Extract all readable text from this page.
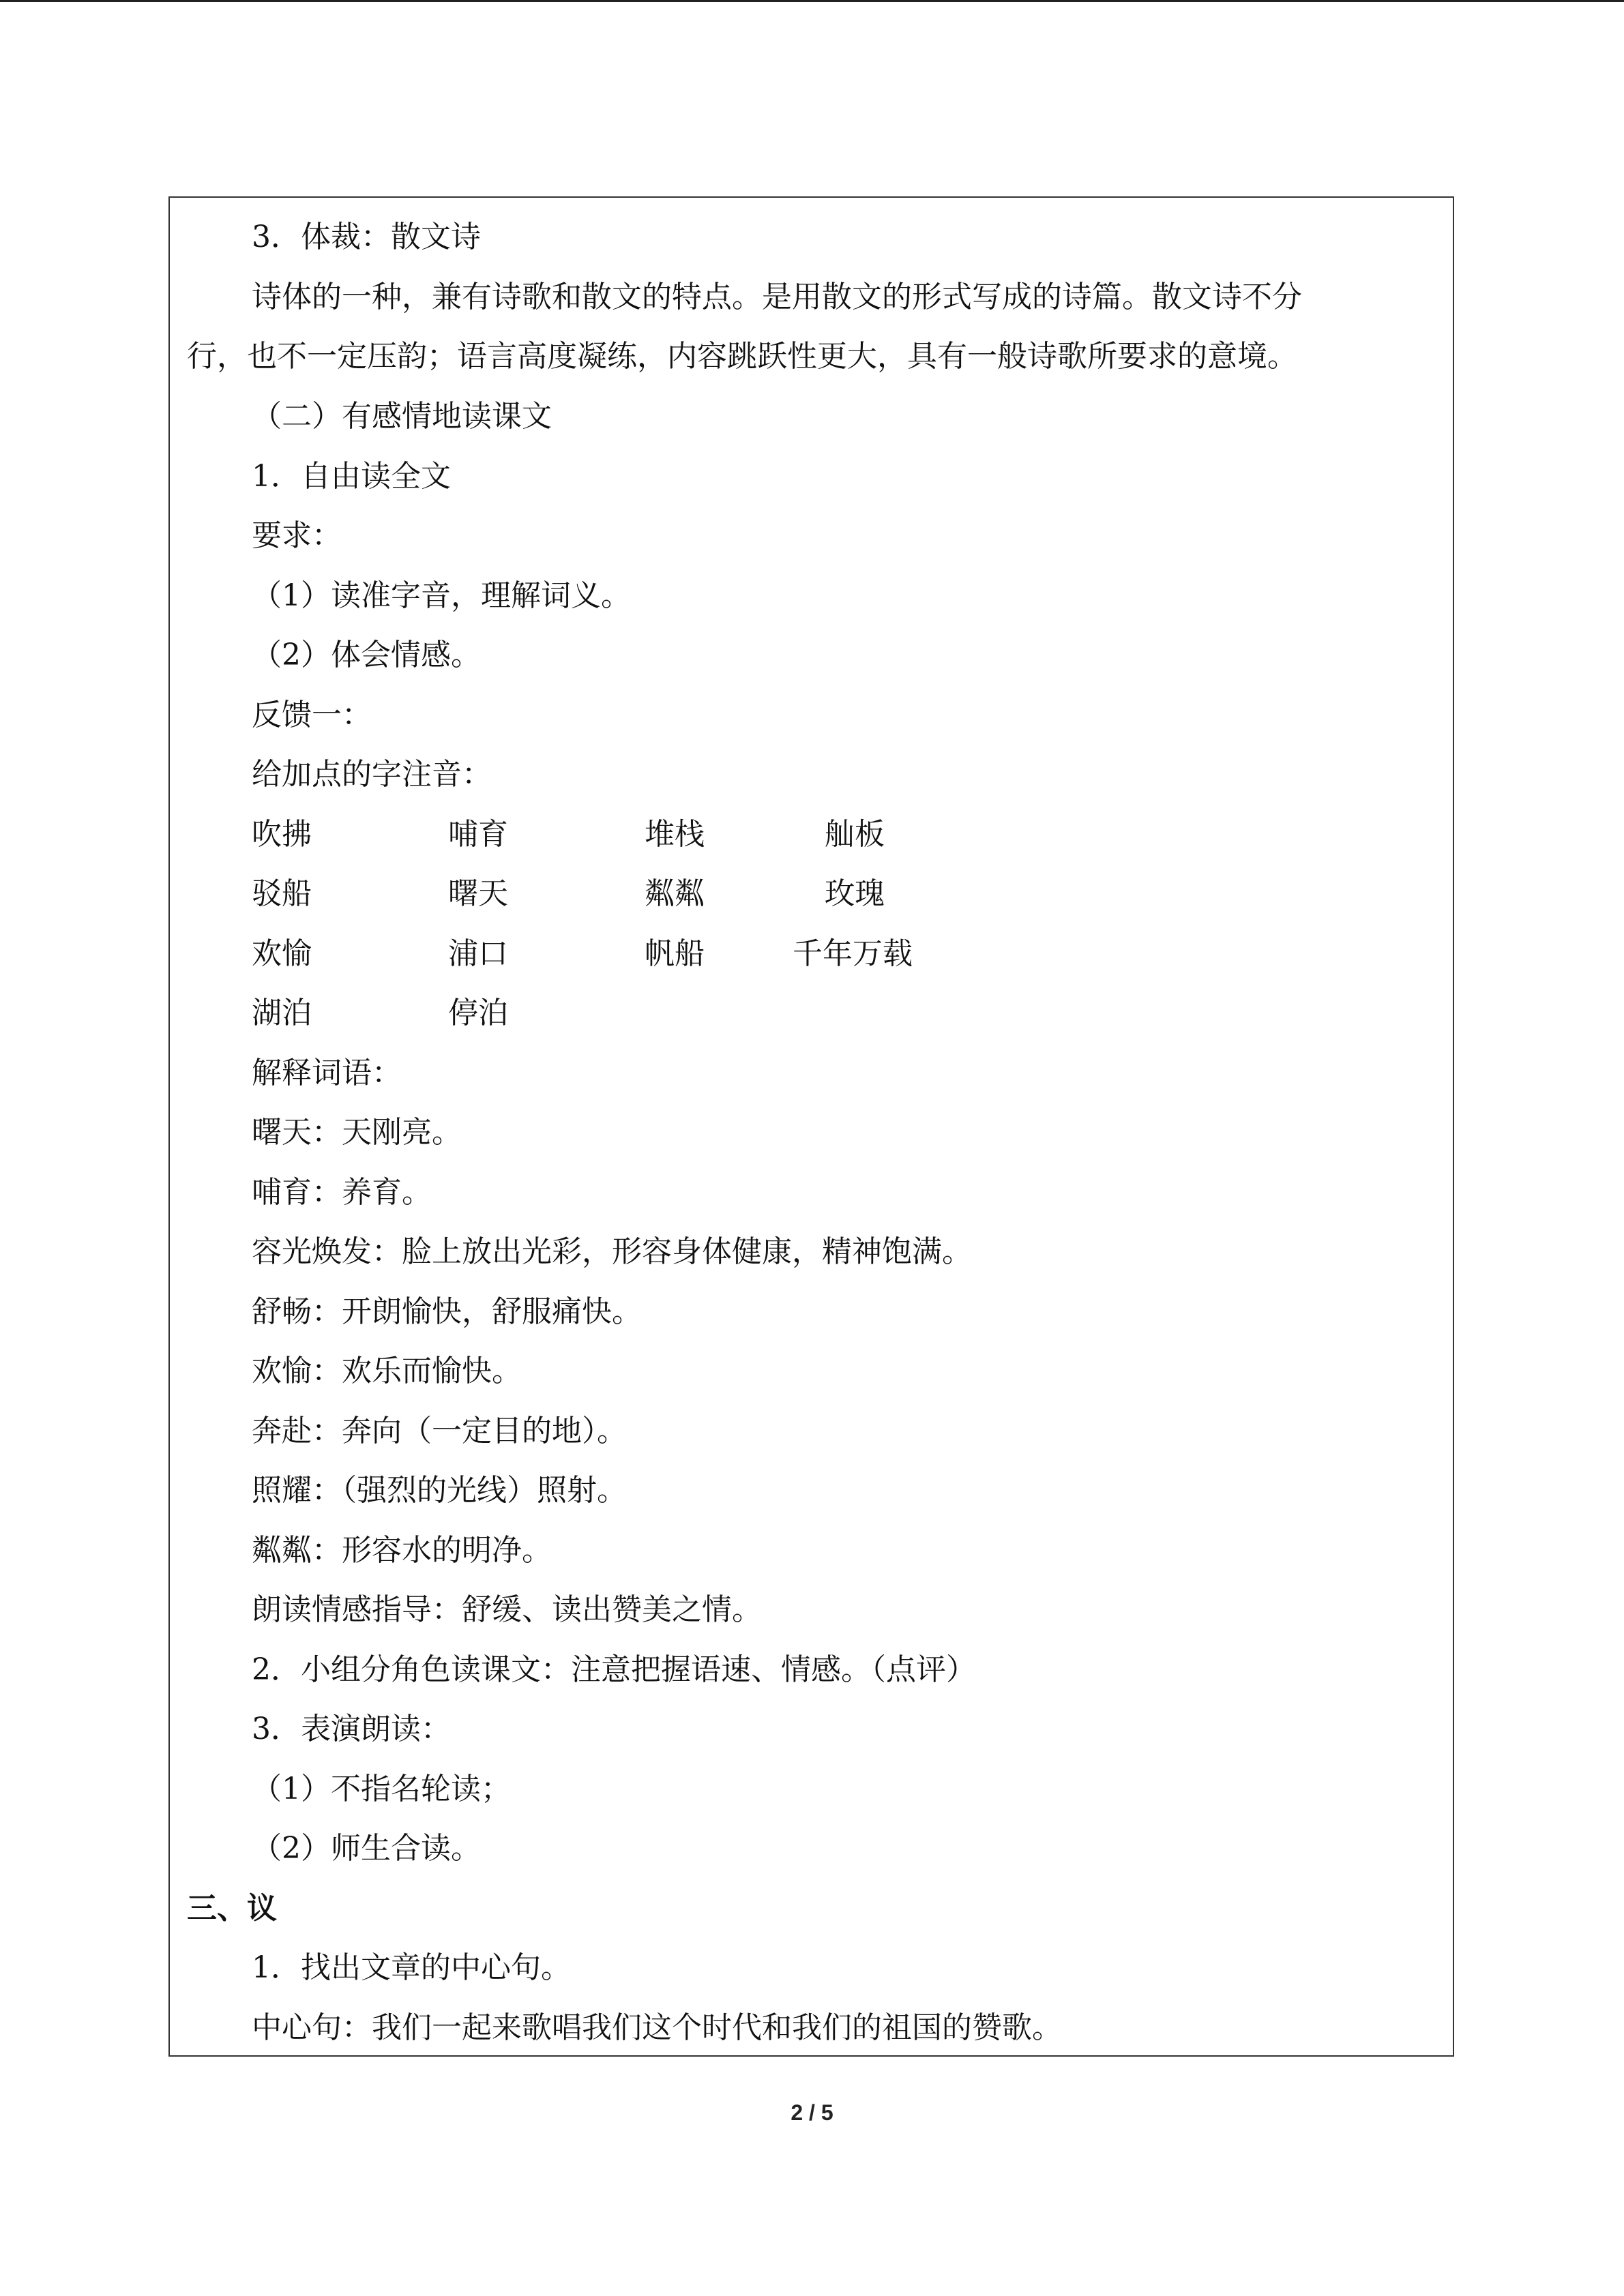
3．体裁：散文诗
诗体的一种，兼有诗歌和散文的特点。是用散文的形式写成的诗篇。散文诗不分
行，也不一定压韵；语言高度凝练，内容跳跃性更大，具有一般诗歌所要求的意境。
（二）有感情地读课文
1．自由读全文
要求：
（1）读准字音，理解词义。
（2）体会情感。
反馈一：
给加点的字注音：
吹拂	哺育	堆栈	舢板
驳船	曙天	粼粼	玫瑰
欢愉	浦口	帆船	千年万载
湖泊	停泊
解释词语：
曙天：天刚亮。
哺育：养育。
容光焕发：脸上放出光彩，形容身体健康，精神饱满。
舒畅：开朗愉快，舒服痛快。
欢愉：欢乐而愉快。
奔赴：奔向（一定目的地）。
照耀：（强烈的光线）照射。
粼粼：形容水的明净。
朗读情感指导：舒缓、读出赞美之情。
2．小组分角色读课文：注意把握语速、情感。（点评）
3．表演朗读：
（1）不指名轮读；
（2）师生合读。
三、议
1．找出文章的中心句。
中心句：我们一起来歌唱我们这个时代和我们的祖国的赞歌。
2 / 5
